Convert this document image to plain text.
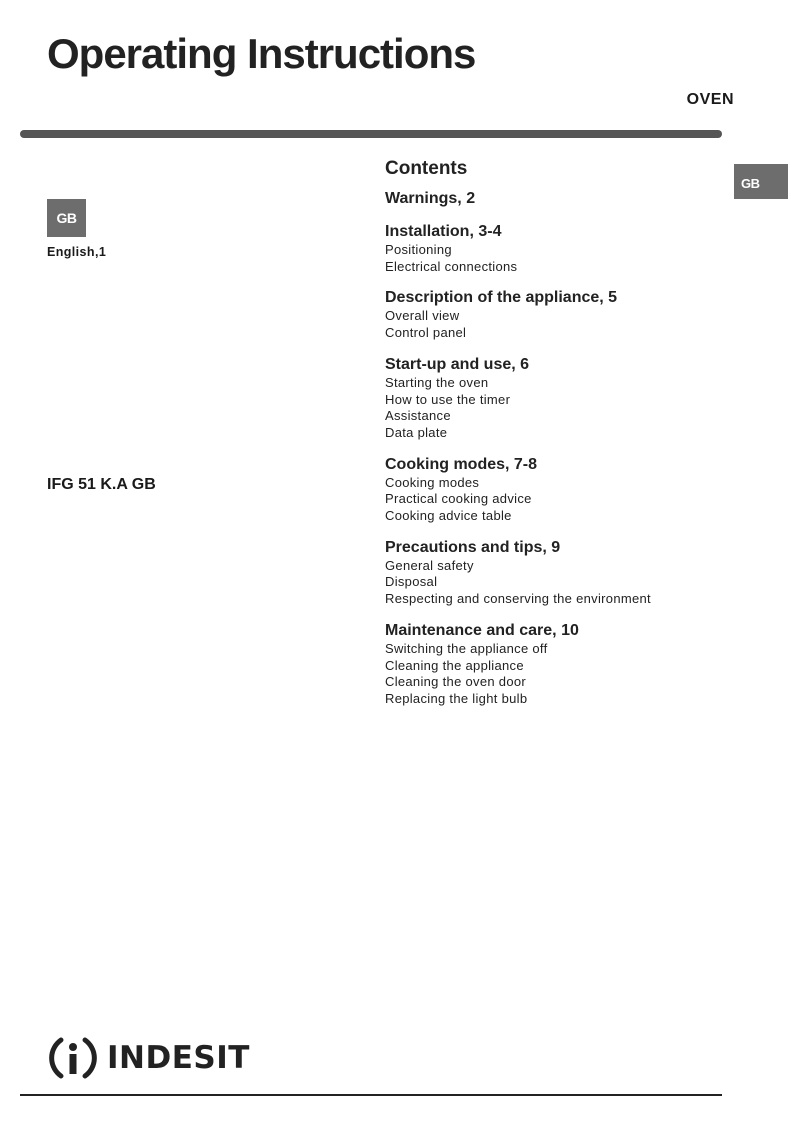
Operating Instructions
OVEN
GB
GB
English,1
IFG 51 K.A GB
Contents
Warnings, 2
Installation, 3-4
Positioning
Electrical connections
Description of the appliance, 5
Overall view
Control panel
Start-up and use, 6
Starting the oven
How to use the timer
Assistance
Data plate
Cooking modes, 7-8
Cooking modes
Practical cooking advice
Cooking advice table
Precautions and tips, 9
General safety
Disposal
Respecting and conserving the environment
Maintenance and care, 10
Switching the appliance off
Cleaning the appliance
Cleaning the oven door
Replacing the light bulb
INDESIT
